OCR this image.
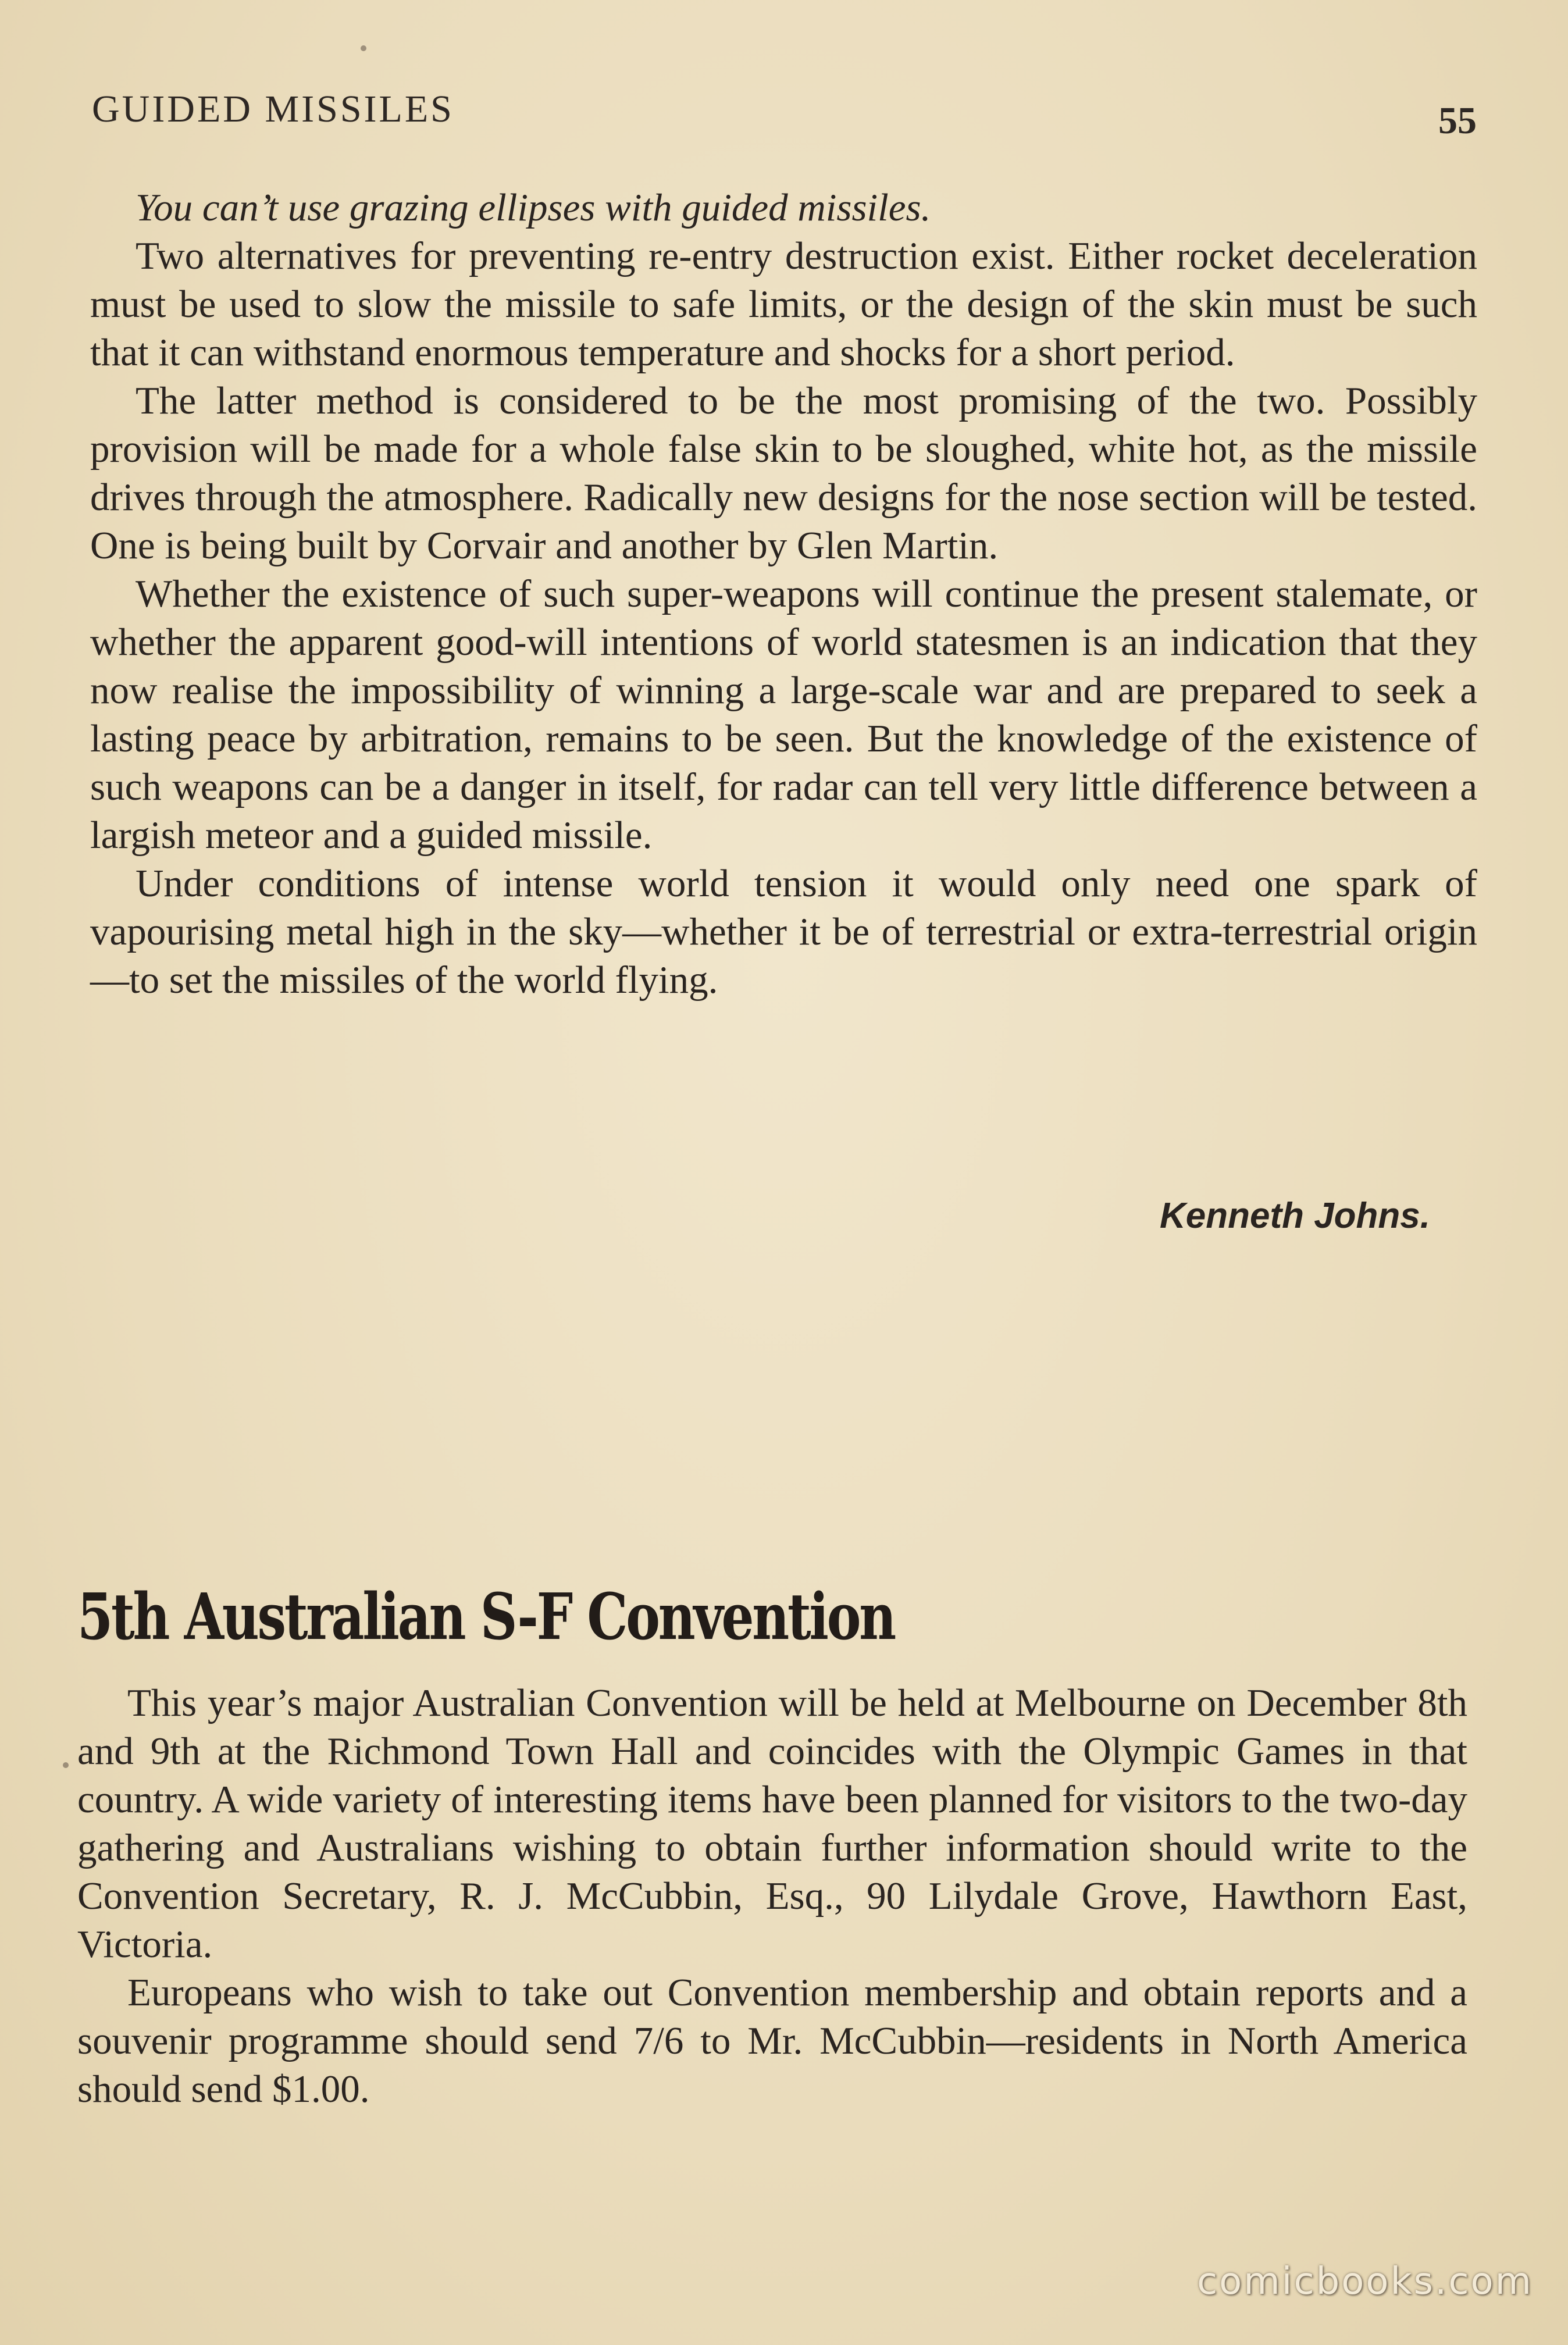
GUIDED MISSILES	55

You can’t use grazing ellipses with guided missiles.

Two alternatives for preventing re-entry destruction exist. Either rocket deceleration must be used to slow the missile to safe limits, or the design of the skin must be such that it can withstand enormous temperature and shocks for a short period.

The latter method is considered to be the most promising of the two. Possibly provision will be made for a whole false skin to be sloughed, white hot, as the missile drives through the atmosphere. Radically new designs for the nose section will be tested. One is being built by Corvair and another by Glen Martin.

Whether the existence of such super-weapons will continue the present stalemate, or whether the apparent good-will intentions of world statesmen is an indication that they now realise the impossibility of winning a large-scale war and are prepared to seek a lasting peace by arbitration, remains to be seen. But the knowledge of the existence of such weapons can be a danger in itself, for radar can tell very little difference between a largish meteor and a guided missile.

Under conditions of intense world tension it would only need one spark of vapourising metal high in the sky—whether it be of terrestrial or extra-terrestrial origin—to set the missiles of the world flying.

Kenneth Johns.
5th Australian S-F Convention

This year’s major Australian Convention will be held at Melbourne on December 8th and 9th at the Richmond Town Hall and coincides with the Olympic Games in that country. A wide variety of interesting items have been planned for visitors to the two-day gathering and Australians wishing to obtain further information should write to the Convention Secretary, R. J. McCubbin, Esq., 90 Lilydale Grove, Hawthorn East, Victoria.

Europeans who wish to take out Convention membership and obtain reports and a souvenir programme should send 7/6 to Mr. McCubbin—residents in North America should send $1.00.

comicbooks.com
